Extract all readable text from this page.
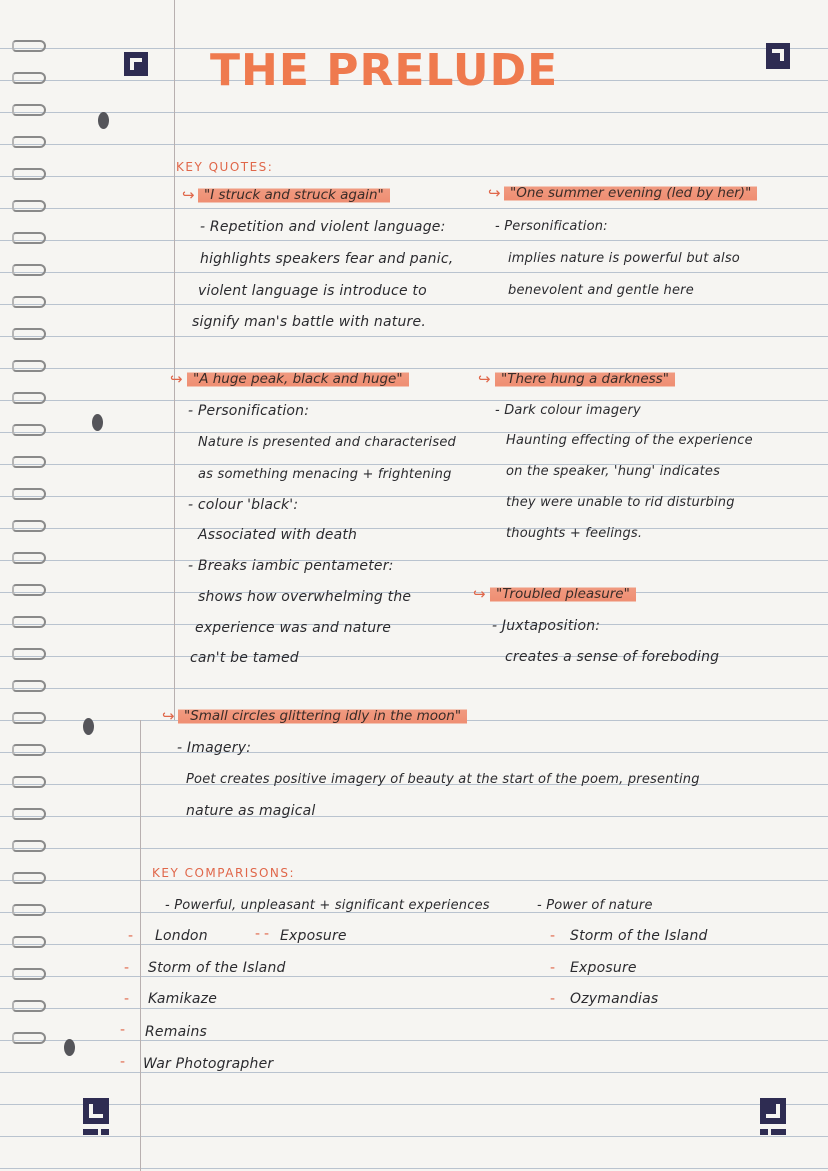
THE PRELUDE
KEY QUOTES:
↪ "I struck and struck again"
- Repetition and violent language:
highlights speakers fear and panic,
violent language is introduce to
signify man's battle with nature.
↪ "One summer evening (led by her)"
- Personification:
implies nature is powerful but also
benevolent and gentle here
↪ "A huge peak, black and huge"
- Personification:
Nature is presented and characterised
as something menacing + frightening
- colour 'black':
Associated with death
- Breaks iambic pentameter:
shows how overwhelming the
experience was and nature
can't be tamed
↪ "There hung a darkness"
- Dark colour imagery
Haunting effecting of the experience
on the speaker, 'hung' indicates
they were unable to rid disturbing
thoughts + feelings.
↪ "Troubled pleasure"
- Juxtaposition:
creates a sense of foreboding
↪ "Small circles glittering idly in the moon"
- Imagery:
Poet creates positive imagery of beauty at the start of the poem, presenting
nature as magical
KEY COMPARISONS:
- Powerful, unpleasant + significant experiences	- Power of nature
- London	- - Exposure
- Storm of the Island
- Kamikaze
- Remains
- War Photographer
- Storm of the Island
- Exposure
- Ozymandias
